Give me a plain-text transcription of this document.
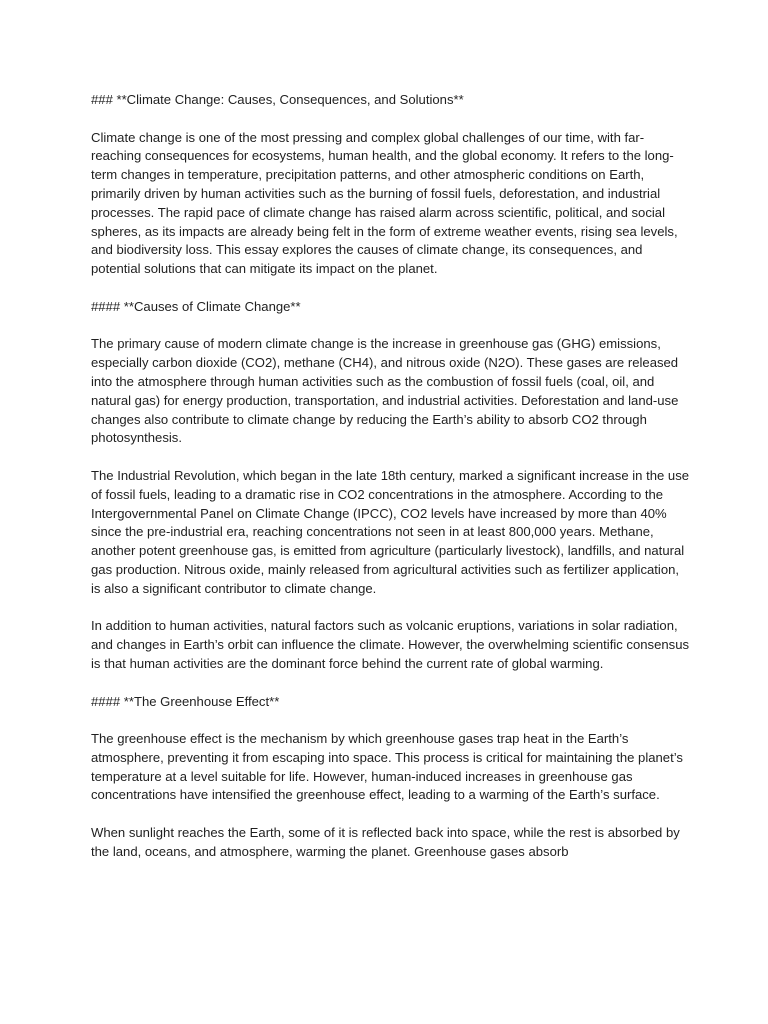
### **Climate Change: Causes, Consequences, and Solutions**

Climate change is one of the most pressing and complex global challenges of our time, with far-reaching consequences for ecosystems, human health, and the global economy. It refers to the long-term changes in temperature, precipitation patterns, and other atmospheric conditions on Earth, primarily driven by human activities such as the burning of fossil fuels, deforestation, and industrial processes. The rapid pace of climate change has raised alarm across scientific, political, and social spheres, as its impacts are already being felt in the form of extreme weather events, rising sea levels, and biodiversity loss. This essay explores the causes of climate change, its consequences, and potential solutions that can mitigate its impact on the planet.

#### **Causes of Climate Change**

The primary cause of modern climate change is the increase in greenhouse gas (GHG) emissions, especially carbon dioxide (CO2), methane (CH4), and nitrous oxide (N2O). These gases are released into the atmosphere through human activities such as the combustion of fossil fuels (coal, oil, and natural gas) for energy production, transportation, and industrial activities. Deforestation and land-use changes also contribute to climate change by reducing the Earth’s ability to absorb CO2 through photosynthesis.

The Industrial Revolution, which began in the late 18th century, marked a significant increase in the use of fossil fuels, leading to a dramatic rise in CO2 concentrations in the atmosphere. According to the Intergovernmental Panel on Climate Change (IPCC), CO2 levels have increased by more than 40% since the pre-industrial era, reaching concentrations not seen in at least 800,000 years. Methane, another potent greenhouse gas, is emitted from agriculture (particularly livestock), landfills, and natural gas production. Nitrous oxide, mainly released from agricultural activities such as fertilizer application, is also a significant contributor to climate change.

In addition to human activities, natural factors such as volcanic eruptions, variations in solar radiation, and changes in Earth’s orbit can influence the climate. However, the overwhelming scientific consensus is that human activities are the dominant force behind the current rate of global warming.

#### **The Greenhouse Effect**

The greenhouse effect is the mechanism by which greenhouse gases trap heat in the Earth’s atmosphere, preventing it from escaping into space. This process is critical for maintaining the planet’s temperature at a level suitable for life. However, human-induced increases in greenhouse gas concentrations have intensified the greenhouse effect, leading to a warming of the Earth’s surface.

When sunlight reaches the Earth, some of it is reflected back into space, while the rest is absorbed by the land, oceans, and atmosphere, warming the planet. Greenhouse gases absorb
